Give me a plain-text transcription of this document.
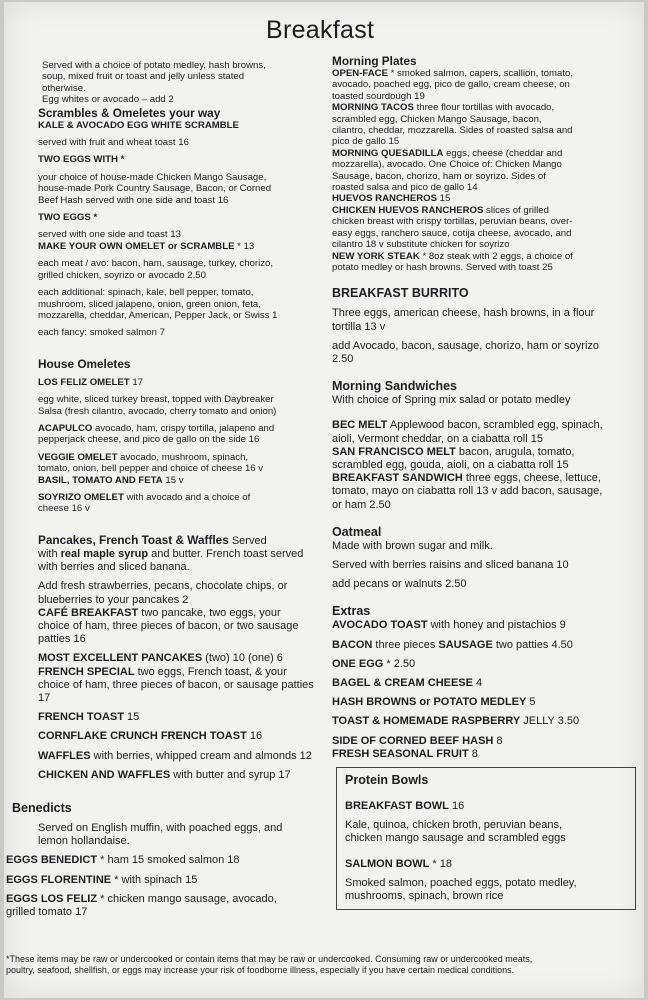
Breakfast
Served with a choice of potato medley, hash browns,
soup, mixed fruit or toast and jelly unless stated
otherwise.
Egg whites or avocado – add 2
Scrambles & Omeletes your way
KALE & AVOCADO EGG WHITE SCRAMBLE
served with fruit and wheat toast 16
TWO EGGS WITH *
your choice of house-made Chicken Mango Sausage,
house-made Pork Country Sausage, Bacon, or Corned
Beef Hash served with one side and toast 16
TWO EGGS *
served with one side and toast 13
MAKE YOUR OWN OMELET or SCRAMBLE * 13
each meat / avo: bacon, ham, sausage, turkey, chorizo,
grilled chicken, soyrizo or avocado 2.50
each additional: spinach, kale, bell pepper, tomato,
mushroom, sliced jalapeno, onion, green onion, feta,
mozzarella, cheddar, American, Pepper Jack, or Swiss 1
each fancy: smoked salmon 7
House Omeletes
LOS FELIZ OMELET 17
egg white, sliced turkey breast, topped with Daybreaker
Salsa (fresh cilantro, avocado, cherry tomato and onion)
ACAPULCO avocado, ham, crispy tortilla, jalapeno and
pepperjack cheese, and pico de gallo on the side 16
VEGGIE OMELET avocado, mushroom, spinach,
tomato, onion, bell pepper and choice of cheese 16 v
BASIL, TOMATO AND FETA 15 v
SOYRIZO OMELET with avocado and a choice of
cheese 16 v
Pancakes, French Toast & Waffles Served
with real maple syrup and butter. French toast served
with berries and sliced banana.
Add fresh strawberries, pecans, chocolate chips, or
blueberries to your pancakes 2
CAFÉ BREAKFAST two pancake, two eggs, your
choice of ham, three pieces of bacon, or two sausage
patties 16
MOST EXCELLENT PANCAKES (two) 10 (one) 6
FRENCH SPECIAL two eggs, French toast, & your
choice of ham, three pieces of bacon, or sausage patties
17
FRENCH TOAST 15
CORNFLAKE CRUNCH FRENCH TOAST 16
WAFFLES with berries, whipped cream and almonds 12
CHICKEN AND WAFFLES with butter and syrup 17
Benedicts
Served on English muffin, with poached eggs, and
lemon hollandaise.
EGGS BENEDICT * ham 15 smoked salmon 18
EGGS FLORENTINE * with spinach 15
EGGS LOS FELIZ * chicken mango sausage, avocado,
grilled tomato 17
Morning Plates
OPEN-FACE * smoked salmon, capers, scallion, tomato,
avocado, poached egg, pico de gallo, cream cheese, on
toasted sourdough 19
MORNING TACOS three flour tortillas with avocado,
scrambled egg, Chicken Mango Sausage, bacon,
cilantro, cheddar, mozzarella. Sides of roasted salsa and
pico de gallo 15
MORNING QUESADILLA eggs, cheese (cheddar and
mozzarella), avocado. One Choice of: Chicken Mango
Sausage, bacon, chorizo, ham or soyrizo. Sides of
roasted salsa and pico de gallo 14
HUEVOS RANCHEROS 15
CHICKEN HUEVOS RANCHEROS slices of grilled
chicken breast with crispy tortillas, peruvian beans, over-
easy eggs, ranchero sauce, cotija cheese, avocado, and
cilantro 18 v substitute chicken for soyrizo
NEW YORK STEAK * 8oz steak with 2 eggs, a choice of
potato medley or hash browns. Served with toast 25
BREAKFAST BURRITO
Three eggs, american cheese, hash browns, in a flour
tortilla 13 v
add Avocado, bacon, sausage, chorizo, ham or soyrizo
2.50
Morning Sandwiches
With choice of Spring mix salad or potato medley
BEC MELT Applewood bacon, scrambled egg, spinach,
aioli, Vermont cheddar, on a ciabatta roll 15
SAN FRANCISCO MELT bacon, arugula, tomato,
scrambled egg, gouda, aioli, on a ciabatta roll 15
BREAKFAST SANDWICH three eggs, cheese, lettuce,
tomato, mayo on ciabatta roll 13 v add bacon, sausage,
or ham 2.50
Oatmeal
Made with brown sugar and milk.
Served with berries raisins and sliced banana 10
add pecans or walnuts 2.50
Extras
AVOCADO TOAST with honey and pistachios 9
BACON three pieces SAUSAGE two patties 4.50
ONE EGG * 2.50
BAGEL & CREAM CHEESE 4
HASH BROWNS or POTATO MEDLEY 5
TOAST & HOMEMADE RASPBERRY JELLY 3.50
SIDE OF CORNED BEEF HASH 8
FRESH SEASONAL FRUIT 8
Protein Bowls
BREAKFAST BOWL 16
Kale, quinoa, chicken broth, peruvian beans,
chicken mango sausage and scrambled eggs
SALMON BOWL * 18
Smoked salmon, poached eggs, potato medley,
mushrooms, spinach, brown rice
*These items may be raw or undercooked or contain items that may be raw or undercooked. Consuming raw or undercooked meats,
poultry, seafood, shellfish, or eggs may increase your risk of foodborne illness, especially if you have certain medical conditions.
